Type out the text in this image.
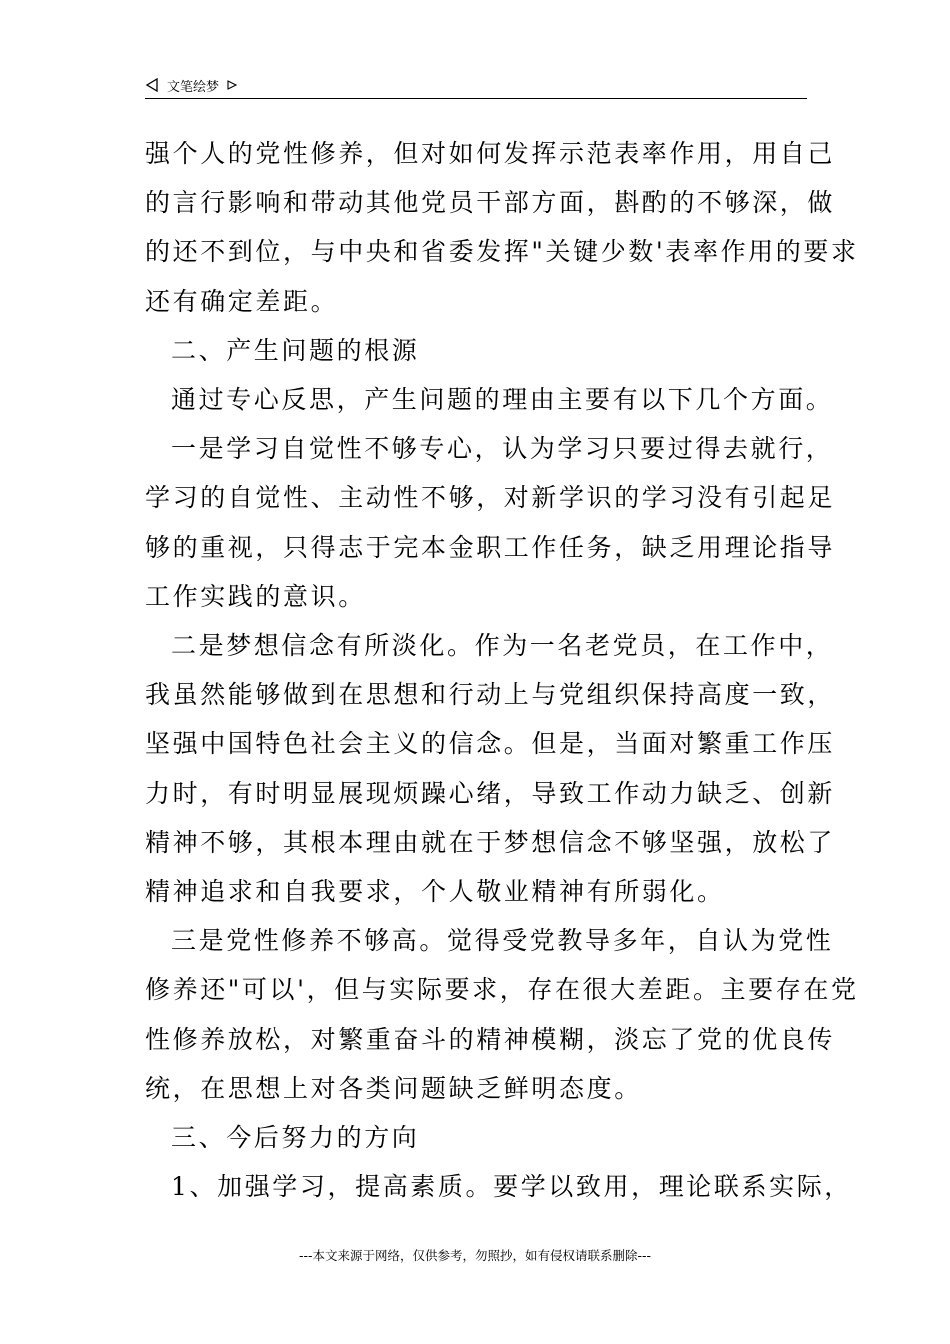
文笔绘梦

强个人的党性修养，但对如何发挥示范表率作用，用自己
的言行影响和带动其他党员干部方面，斟酌的不够深，做
的还不到位，与中央和省委发挥"关键少数'表率作用的要求
还有确定差距。

二、产生问题的根源

通过专心反思，产生问题的理由主要有以下几个方面。

一是学习自觉性不够专心，认为学习只要过得去就行，
学习的自觉性、主动性不够，对新学识的学习没有引起足
够的重视，只得志于完本金职工作任务，缺乏用理论指导
工作实践的意识。

二是梦想信念有所淡化。作为一名老党员，在工作中，
我虽然能够做到在思想和行动上与党组织保持高度一致，
坚强中国特色社会主义的信念。但是，当面对繁重工作压
力时，有时明显展现烦躁心绪，导致工作动力缺乏、创新
精神不够，其根本理由就在于梦想信念不够坚强，放松了
精神追求和自我要求，个人敬业精神有所弱化。

三是党性修养不够高。觉得受党教导多年，自认为党性
修养还"可以'，但与实际要求，存在很大差距。主要存在党
性修养放松，对繁重奋斗的精神模糊，淡忘了党的优良传
统，在思想上对各类问题缺乏鲜明态度。

三、今后努力的方向

1、加强学习，提高素质。要学以致用，理论联系实际，

---本文来源于网络，仅供参考，勿照抄，如有侵权请联系删除---
